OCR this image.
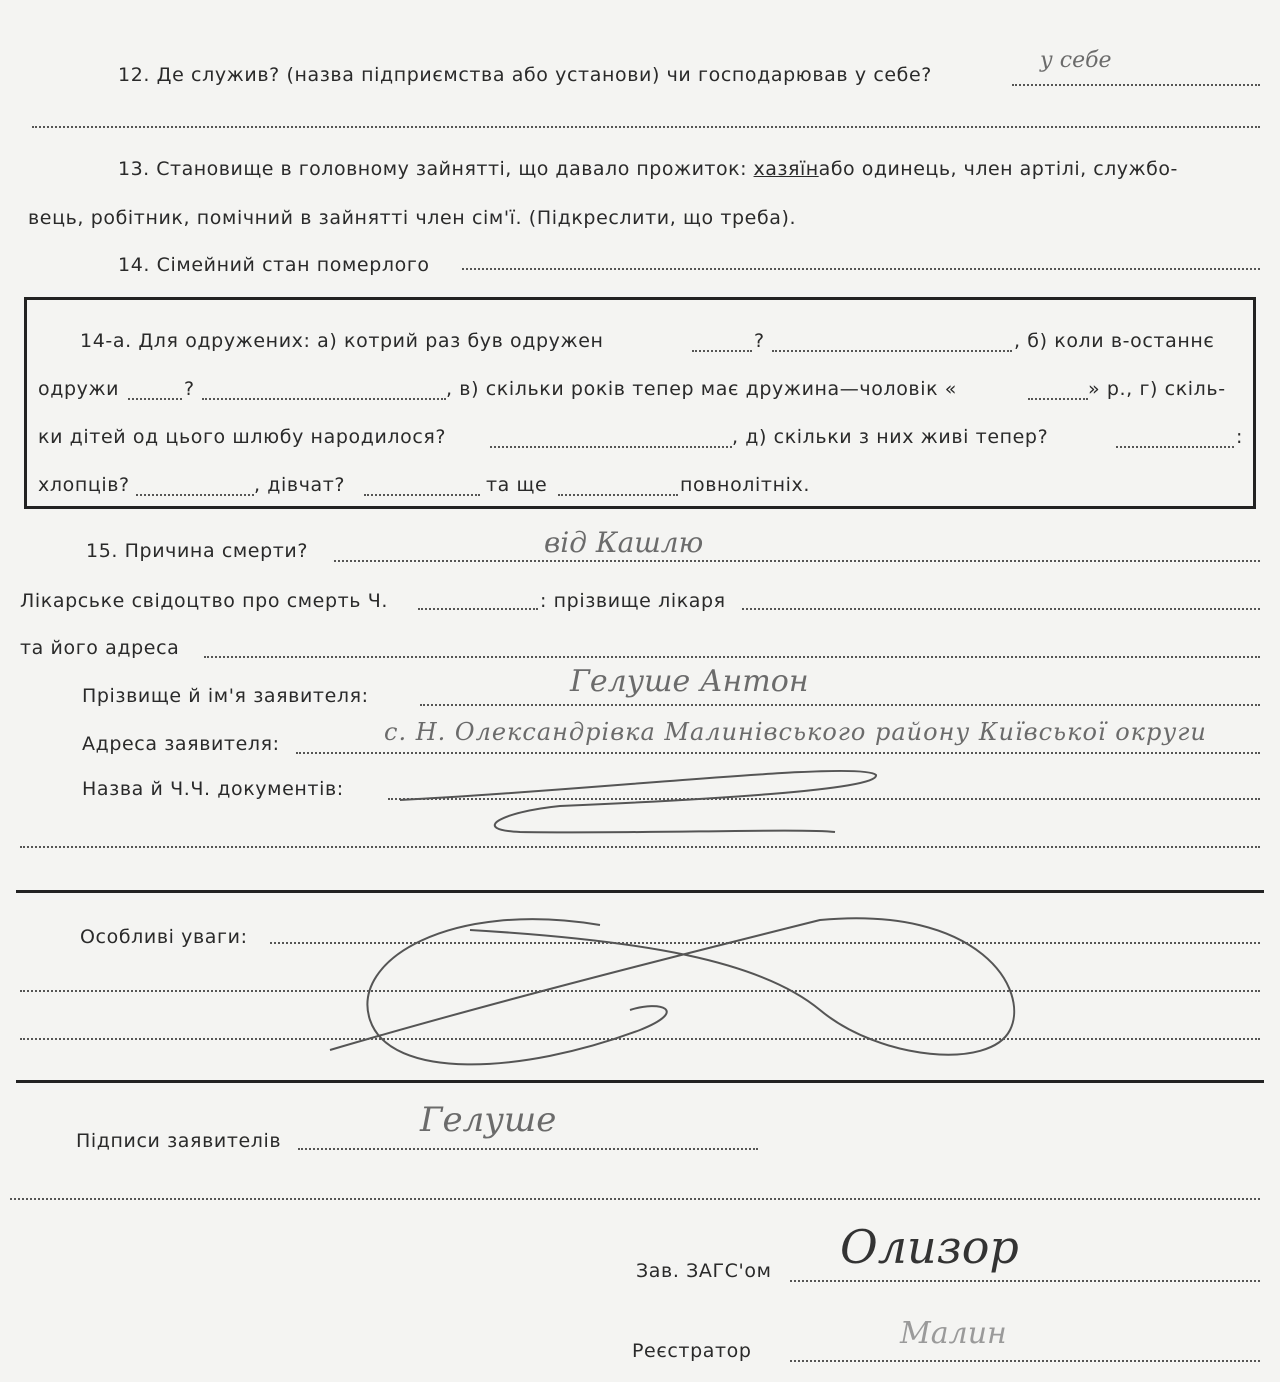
12. Де служив? (назва підприємства або установи) чи господарював у себе?
у себе
13. Становище в головному зайнятті, що давало прожиток: хазяїнабо одинець, член артілі, службо-
вець, робітник, помічний в зайнятті член сім'ї. (Підкреслити, що треба).
14. Сімейний стан померлого
14-а. Для одружених: а) котрий раз був одружен	?	, б) коли в-останнє
одружи	?	, в) скільки років тепер має дружина—чоловік «	» р., г) скіль-
ки дітей од цього шлюбу народилося?	, д) скільки з них живі тепер?	:
хлопців?	, дівчат?	та ще	повнолітніх.
15. Причина смерти?	від Кашлю
Лікарське свідоцтво про смерть Ч.	: прізвище лікаря
та його адреса
Прізвище й ім'я заявителя:	Гелуше Антон
Адреса заявителя:	с. Н. Олександрівка Малинівського району Київської округи
Назва й Ч.Ч. документів:
Особливі уваги:
Підписи заявителів
Гелуше
Зав. ЗАГС'ом Олизор
Реєстратор	Малин
